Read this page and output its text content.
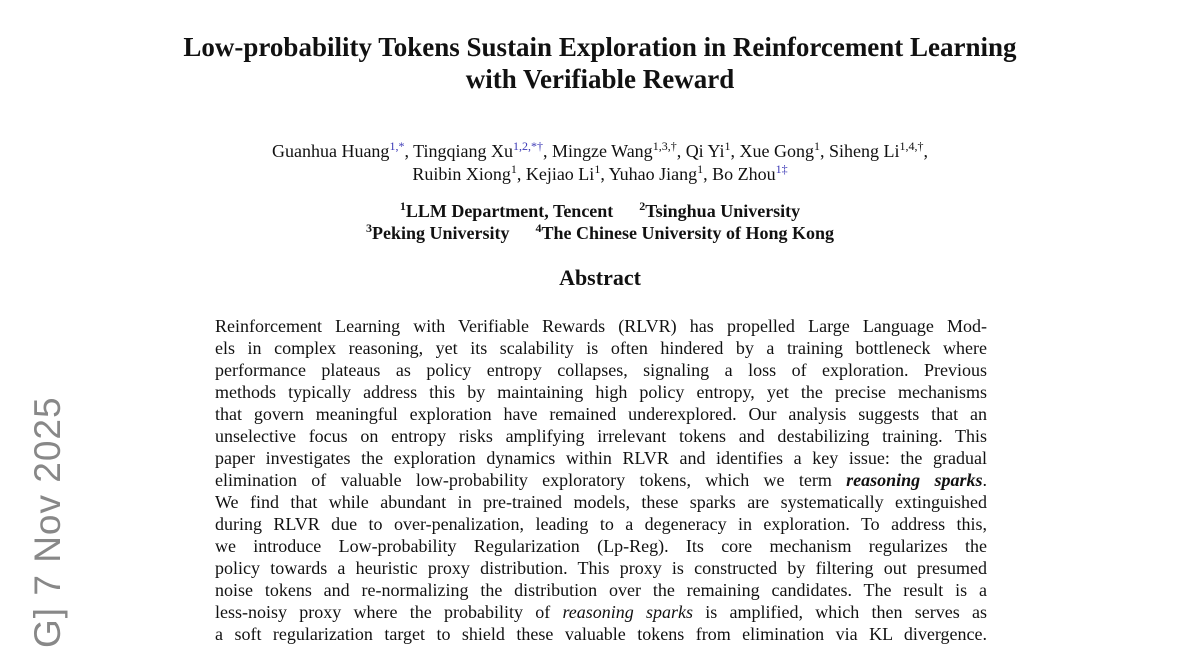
Low-probability Tokens Sustain Exploration in Reinforcement Learning
with Verifiable Reward
Guanhua Huang$^{1,*}$, Tingqiang $Xu^{1,2,*\dagger}$, Mingze Wang$^{1,3,\dagger}$, Qi Yi$^1$, Xue Gong$^1$, Siheng $Li^{1,4,\dagger}$,
Ruibin Xiong$^1$, Kejiao Li$^1$, Yuhao Jiang$^1$, Bo Zhou$^{1\ddagger}$
$^1$LLM Department, Tencent $^2$Tsinghua University
$^3$Peking University $^4$The Chinese University of Hong Kong
Abstract
Reinforcement Learning with Verifiable Rewards (RLVR) has propelled Large Language Mod-
els in complex reasoning, yet its scalability is often hindered by a training bottleneck where
performance plateaus as policy entropy collapses, signaling a loss of exploration. Previous
methods typically address this by maintaining high policy entropy, yet the precise mechanisms
that govern meaningful exploration have remained underexplored. Our analysis suggests that an
unselective focus on entropy risks amplifying irrelevant tokens and destabilizing training. This
paper investigates the exploration dynamics within RLVR and identifies a key issue: the gradual
elimination of valuable low-probability exploratory tokens, which we term reasoning sparks.
We find that while abundant in pre-trained models, these sparks are systematically extinguished
during RLVR due to over-penalization, leading to a degeneracy in exploration. To address this,
we introduce Low-probability Regularization (Lp-Reg). Its core mechanism regularizes the
policy towards a heuristic proxy distribution. This proxy is constructed by filtering out presumed
noise tokens and re-normalizing the distribution over the remaining candidates. The result is a
less-noisy proxy where the probability of reasoning sparks is amplified, which then serves as
a soft regularization target to shield these valuable tokens from elimination via KL divergence.
G] 7 Nov 2025
